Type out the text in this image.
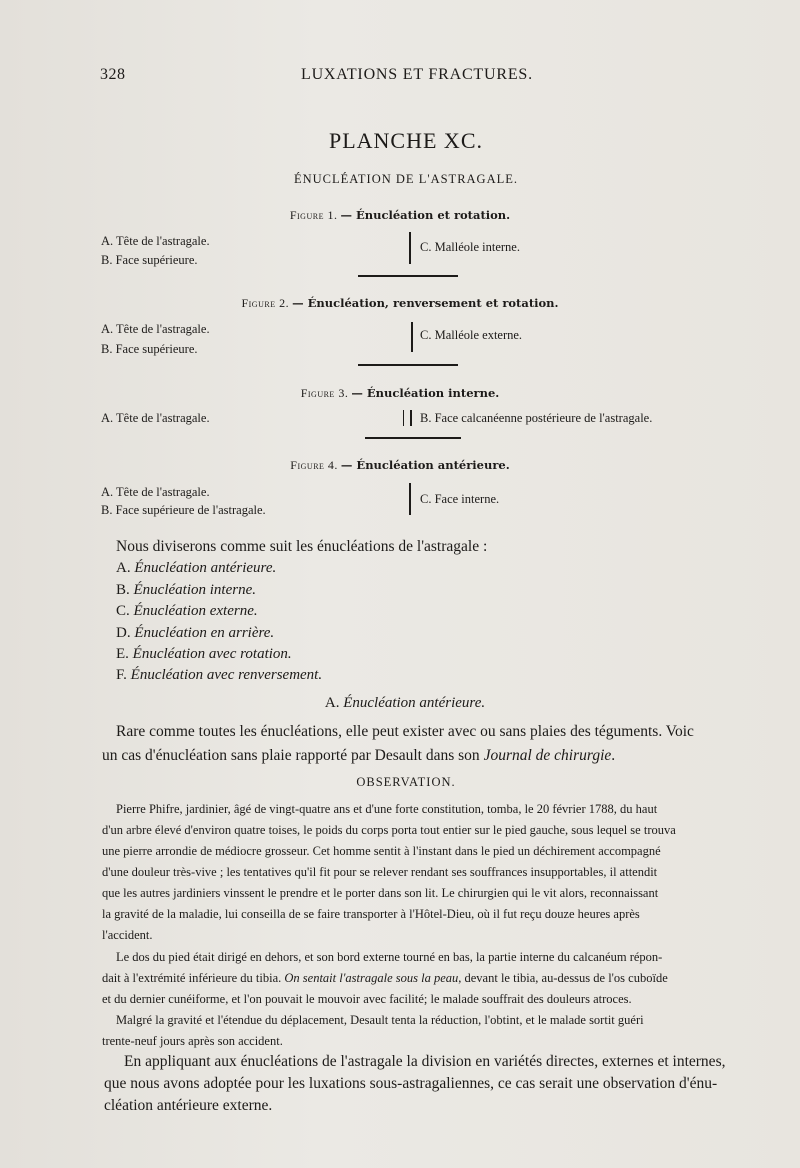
328	LUXATIONS ET FRACTURES.
PLANCHE XC.
ÉNUCLÉATION DE L'ASTRAGALE.
Figure 1. — Énucléation et rotation.
A. Tête de l'astragale.
B. Face supérieure.
C. Malléole interne.
Figure 2. — Énucléation, renversement et rotation.
A. Tête de l'astragale.
B. Face supérieure.
C. Malléole externe.
Figure 3. — Énucléation interne.
A. Tête de l'astragale.	B. Face calcanéenne postérieure de l'astragale.
Figure 4. — Énucléation antérieure.
A. Tête de l'astragale.
B. Face supérieure de l'astragale.
C. Face interne.
Nous diviserons comme suit les énucléations de l'astragale :
A. Énucléation antérieure.
B. Énucléation interne.
C. Énucléation externe.
D. Énucléation en arrière.
E. Énucléation avec rotation.
F. Énucléation avec renversement.
A. Énucléation antérieure.
Rare comme toutes les énucléations, elle peut exister avec ou sans plaies des téguments. Voic
un cas d'énucléation sans plaie rapporté par Desault dans son Journal de chirurgie.
OBSERVATION.
Pierre Phifre, jardinier, âgé de vingt-quatre ans et d'une forte constitution, tomba, le 20 février 1788, du haut
d'un arbre élevé d'environ quatre toises, le poids du corps porta tout entier sur le pied gauche, sous lequel se trouva
une pierre arrondie de médiocre grosseur. Cet homme sentit à l'instant dans le pied un déchirement accompagné
d'une douleur très-vive ; les tentatives qu'il fit pour se relever rendant ses souffrances insupportables, il attendit
que les autres jardiniers vinssent le prendre et le porter dans son lit. Le chirurgien qui le vit alors, reconnaissant
la gravité de la maladie, lui conseilla de se faire transporter à l'Hôtel-Dieu, où il fut reçu douze heures après
l'accident.
Le dos du pied était dirigé en dehors, et son bord externe tourné en bas, la partie interne du calcanéum répon-
dait à l'extrémité inférieure du tibia. On sentait l'astragale sous la peau, devant le tibia, au-dessus de l'os cuboïde
et du dernier cunéiforme, et l'on pouvait le mouvoir avec facilité; le malade souffrait des douleurs atroces.
Malgré la gravité et l'étendue du déplacement, Desault tenta la réduction, l'obtint, et le malade sortit guéri
trente-neuf jours après son accident.
En appliquant aux énucléations de l'astragale la division en variétés directes, externes et internes,
que nous avons adoptée pour les luxations sous-astragaliennes, ce cas serait une observation d'énu-
cléation antérieure externe.
